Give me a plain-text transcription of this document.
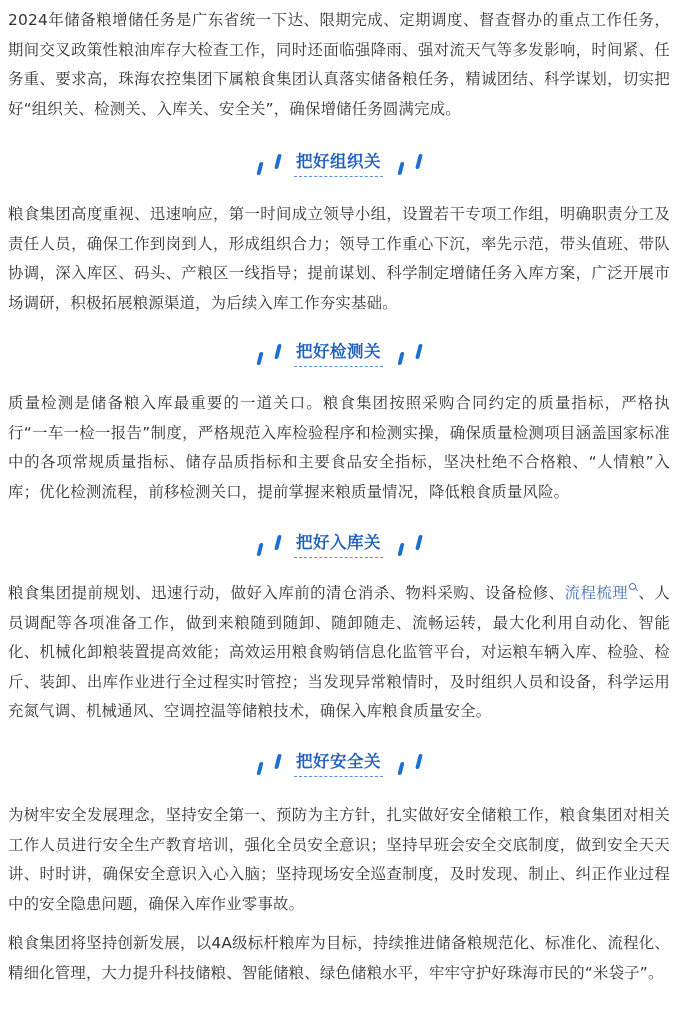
2024年储备粮增储任务是广东省统一下达、限期完成、定期调度、督查督办的重点工作任务，期间交叉政策性粮油库存大检查工作，同时还面临强降雨、强对流天气等多发影响，时间紧、任务重、要求高，珠海农控集团下属粮食集团认真落实储备粮任务，精诚团结、科学谋划，切实把好“组织关、检测关、入库关、安全关”，确保增储任务圆满完成。

把好组织关

粮食集团高度重视、迅速响应，第一时间成立领导小组，设置若干专项工作组，明确职责分工及责任人员，确保工作到岗到人，形成组织合力；领导工作重心下沉，率先示范，带头值班、带队协调，深入库区、码头、产粮区一线指导；提前谋划、科学制定增储任务入库方案，广泛开展市场调研，积极拓展粮源渠道，为后续入库工作夯实基础。

把好检测关

质量检测是储备粮入库最重要的一道关口。粮食集团按照采购合同约定的质量指标，严格执行“一车一检一报告”制度，严格规范入库检验程序和检测实操，确保质量检测项目涵盖国家标准中的各项常规质量指标、储存品质指标和主要食品安全指标，坚决杜绝不合格粮、“人情粮”入库；优化检测流程，前移检测关口，提前掌握来粮质量情况，降低粮食质量风险。

把好入库关

粮食集团提前规划、迅速行动，做好入库前的清仓消杀、物料采购、设备检修、流程梳理 、人员调配等各项准备工作，做到来粮随到随卸、随卸随走、流畅运转，最大化利用自动化、智能化、机械化卸粮装置提高效能；高效运用粮食购销信息化监管平台，对运粮车辆入库、检验、检斤、装卸、出库作业进行全过程实时管控；当发现异常粮情时，及时组织人员和设备，科学运用充氮气调、机械通风、空调控温等储粮技术，确保入库粮食质量安全。

把好安全关

为树牢安全发展理念，坚持安全第一、预防为主方针，扎实做好安全储粮工作，粮食集团对相关工作人员进行安全生产教育培训，强化全员安全意识；坚持早班会安全交底制度，做到安全天天讲、时时讲，确保安全意识入心入脑；坚持现场安全巡查制度，及时发现、制止、纠正作业过程中的安全隐患问题，确保入库作业零事故。

粮食集团将坚持创新发展，以4A级标杆粮库为目标，持续推进储备粮规范化、标准化、流程化、精细化管理，大力提升科技储粮、智能储粮、绿色储粮水平，牢牢守护好珠海市民的“米袋子”。
